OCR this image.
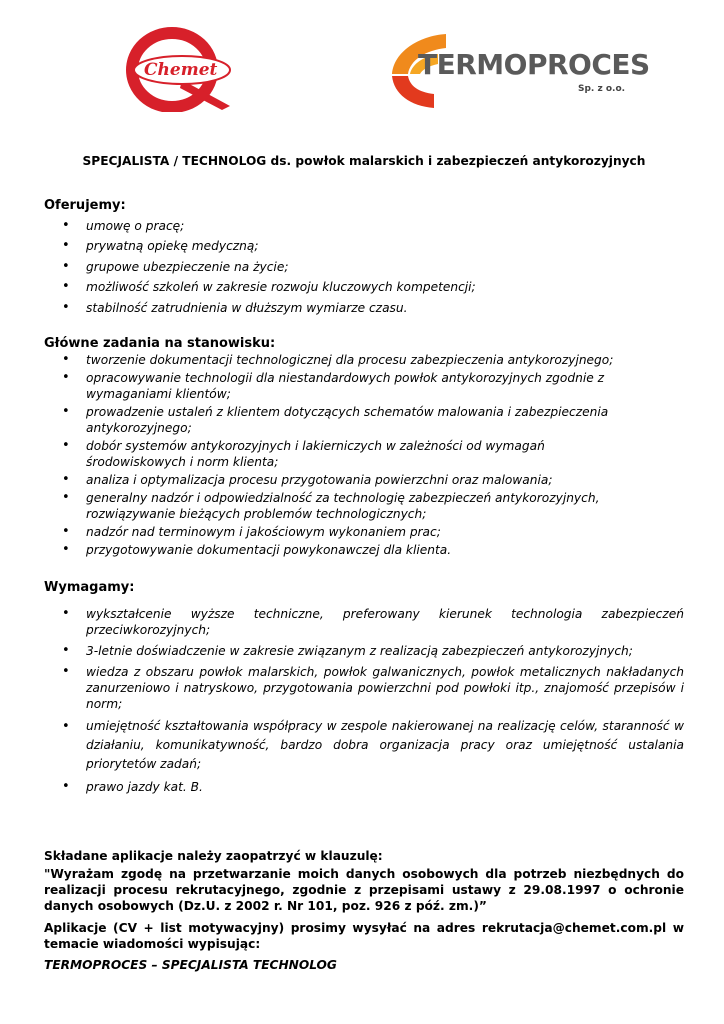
Chemet	TERMOPROCES
Sp. z o.o.
SPECJALISTA / TECHNOLOG ds. powłok malarskich i zabezpieczeń antykorozyjnych
Oferujemy:
• umowę o pracę;
• prywatną opiekę medyczną;
• grupowe ubezpieczenie na życie;
• możliwość szkoleń w zakresie rozwoju kluczowych kompetencji;
• stabilność zatrudnienia w dłuższym wymiarze czasu.
Główne zadania na stanowisku:
• tworzenie dokumentacji technologicznej dla procesu zabezpieczenia antykorozyjnego;
• opracowywanie technologii dla niestandardowych powłok antykorozyjnych zgodnie z wymaganiami klientów;
• prowadzenie ustaleń z klientem dotyczących schematów malowania i zabezpieczenia antykorozyjnego;
• dobór systemów antykorozyjnych i lakierniczych w zależności od wymagań środowiskowych i norm klienta;
• analiza i optymalizacja procesu przygotowania powierzchni oraz malowania;
• generalny nadzór i odpowiedzialność za technologię zabezpieczeń antykorozyjnych, rozwiązywanie bieżących problemów technologicznych;
• nadzór nad terminowym i jakościowym wykonaniem prac;
• przygotowywanie dokumentacji powykonawczej dla klienta.
Wymagamy:
• wykształcenie wyższe techniczne, preferowany kierunek technologia zabezpieczeń przeciwkorozyjnych;
• 3-letnie doświadczenie w zakresie związanym z realizacją zabezpieczeń antykorozyjnych;
• wiedza z obszaru powłok malarskich, powłok galwanicznych, powłok metalicznych nakładanych zanurzeniowo i natryskowo, przygotowania powierzchni pod powłoki itp., znajomość przepisów i norm;
• umiejętność kształtowania współpracy w zespole nakierowanej na realizację celów, staranność w działaniu, komunikatywność, bardzo dobra organizacja pracy oraz umiejętność ustalania priorytetów zadań;
• prawo jazdy kat. B.
Składane aplikacje należy zaopatrzyć w klauzulę:
"Wyrażam zgodę na przetwarzanie moich danych osobowych dla potrzeb niezbędnych do realizacji procesu rekrutacyjnego, zgodnie z przepisami ustawy z 29.08.1997 o ochronie danych osobowych (Dz.U. z 2002 r. Nr 101, poz. 926 z póź. zm.)”
Aplikacje (CV + list motywacyjny) prosimy wysyłać na adres rekrutacja@chemet.com.pl w temacie wiadomości wypisując:
TERMOPROCES – SPECJALISTA TECHNOLOG
